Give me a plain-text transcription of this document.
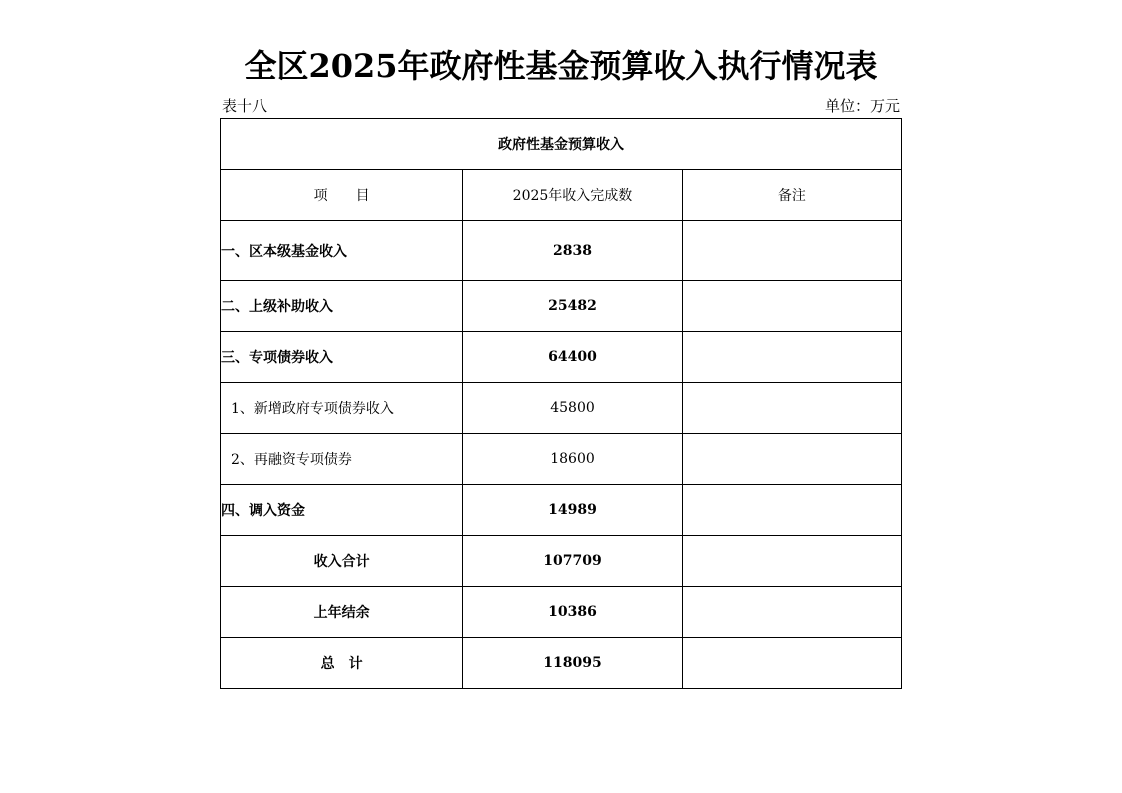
全区2025年政府性基金预算收入执行情况表
表十八	单位：万元
政府性基金预算收入		
项　　目	2025年收入完成数	备注
一、区本级基金收入	2838	
二、上级补助收入	25482	
三、专项债券收入	64400	
1、新增政府专项债券收入	45800	
2、再融资专项债券	18600	
四、调入资金	14989	
收入合计	107709	
上年结余	10386	
总　计	118095	
